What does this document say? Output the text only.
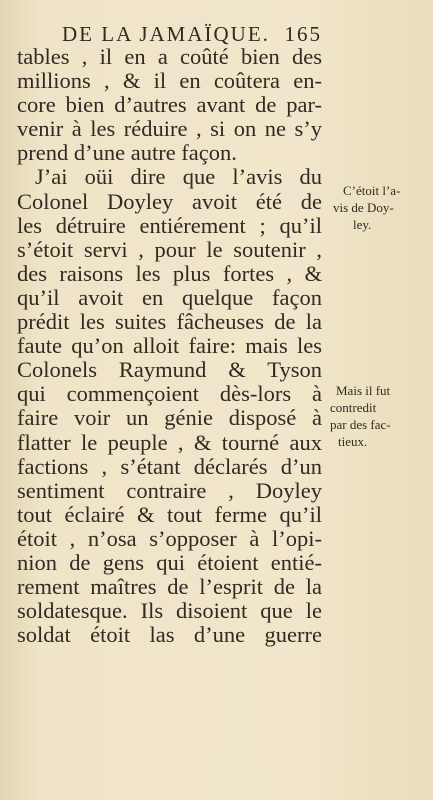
DE LA JAMAÏQUE. 165
tables , il en a coûté bien des
millions , & il en coûtera en-
core bien d’autres avant de par-
venir à les réduire , si on ne s’y
prend d’une autre façon.
J’ai oüi dire que l’avis du
Colonel Doyley avoit été de
les détruire entiérement ; qu’il
s’étoit servi , pour le soutenir ,
des raisons les plus fortes , &
qu’il avoit en quelque façon
prédit les suites fâcheuses de la
faute qu’on alloit faire: mais les
Colonels Raymund & Tyson
qui commençoient dès-lors à
faire voir un génie disposé à
flatter le peuple , & tourné aux
factions , s’étant déclarés d’un
sentiment contraire , Doyley
tout éclairé & tout ferme qu’il
étoit , n’osa s’opposer à l’opi-
nion de gens qui étoient entié-
rement maîtres de l’esprit de la
soldatesque. Ils disoient que le
soldat étoit las d’une guerre
C’étoit l’a-
vis de Doy-
ley.
Mais il fut
contredit
par des fac-
tieux.
